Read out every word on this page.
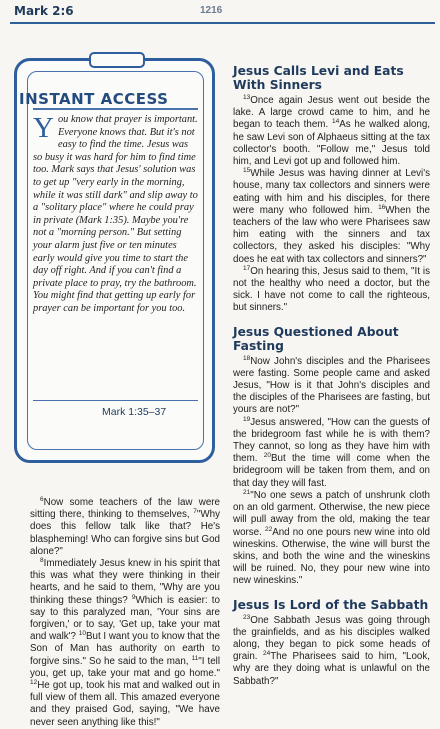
Mark 2:6	1216
INSTANT ACCESS

You know that prayer is important. Everyone knows that. But it's not easy to find the time. Jesus was so busy it was hard for him to find time too. Mark says that Jesus' solution was to get up "very early in the morning, while it was still dark" and slip away to a "solitary place" where he could pray in private (Mark 1:35). Maybe you're not a "morning person." But setting your alarm just five or ten minutes early would give you time to start the day off right. And if you can't find a private place to pray, try the bathroom. You might find that getting up early for prayer can be important for you too.

Mark 1:35–37

$^6$Now some teachers of the law were sitting there, thinking to themselves, $^7$"Why does this fellow talk like that? He's blaspheming! Who can forgive sins but God alone?"

$^8$Immediately Jesus knew in his spirit that this was what they were thinking in their hearts, and he said to them, "Why are you thinking these things? $^9$Which is easier: to say to this paralyzed man, 'Your sins are forgiven,' or to say, 'Get up, take your mat and walk'? $^{10}$But I want you to know that the Son of Man has authority on earth to forgive sins." So he said to the man, $^{11}$"I tell you, get up, take your mat and go home." $^{12}$He got up, took his mat and walked out in full view of them all. This amazed everyone and they praised God, saying, "We have never seen anything like this!"

Jesus Calls Levi and Eats With Sinners

$^{13}$Once again Jesus went out beside the lake. A large crowd came to him, and he began to teach them. $^{14}$As he walked along, he saw Levi son of Alphaeus sitting at the tax collector's booth. "Follow me," Jesus told him, and Levi got up and followed him.

$^{15}$While Jesus was having dinner at Levi's house, many tax collectors and sinners were eating with him and his disciples, for there were many who followed him. $^{16}$When the teachers of the law who were Pharisees saw him eating with the sinners and tax collectors, they asked his disciples: "Why does he eat with tax collectors and sinners?"

$^{17}$On hearing this, Jesus said to them, "It is not the healthy who need a doctor, but the sick. I have not come to call the righteous, but sinners."

Jesus Questioned About Fasting

$^{18}$Now John's disciples and the Pharisees were fasting. Some people came and asked Jesus, "How is it that John's disciples and the disciples of the Pharisees are fasting, but yours are not?"

$^{19}$Jesus answered, "How can the guests of the bridegroom fast while he is with them? They cannot, so long as they have him with them. $^{20}$But the time will come when the bridegroom will be taken from them, and on that day they will fast.

$^{21}$"No one sews a patch of unshrunk cloth on an old garment. Otherwise, the new piece will pull away from the old, making the tear worse. $^{22}$And no one pours new wine into old wineskins. Otherwise, the wine will burst the skins, and both the wine and the wineskins will be ruined. No, they pour new wine into new wineskins."

Jesus Is Lord of the Sabbath

$^{23}$One Sabbath Jesus was going through the grainfields, and as his disciples walked along, they began to pick some heads of grain. $^{24}$The Pharisees said to him, "Look, why are they doing what is unlawful on the Sabbath?"
